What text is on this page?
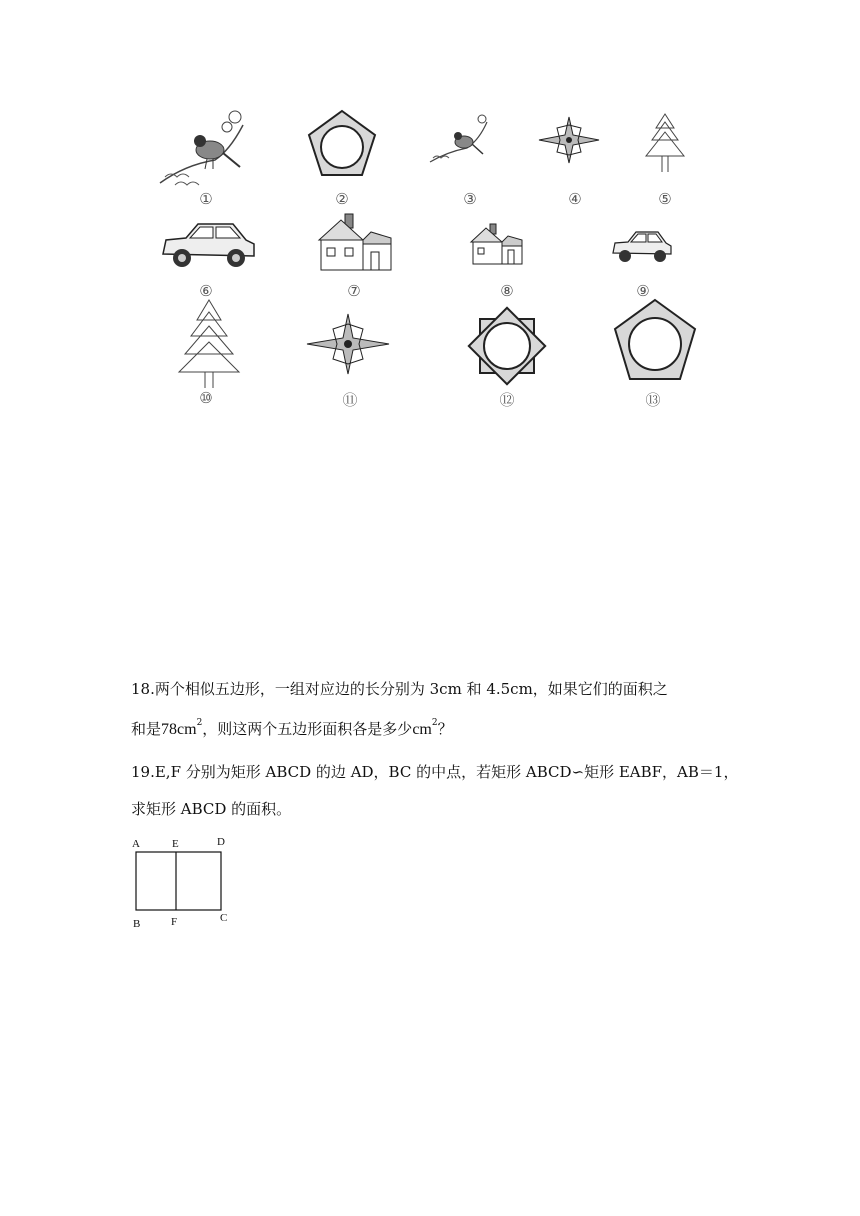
①	②	③	④	⑤
⑥	⑦	⑧	⑨
⑩	⑪	⑫	⑬
18.两个相似五边形，一组对应边的长分别为 3cm 和 4.5cm，如果它们的面积之
和是$78cm^2$，则这两个五边形面积各是多少$cm^2$？
19.E,F 分别为矩形 ABCD 的边 AD，BC 的中点，若矩形 ABCD∽矩形 EABF，AB＝1，
求矩形 ABCD 的面积。
A	E	D
B	F	C
